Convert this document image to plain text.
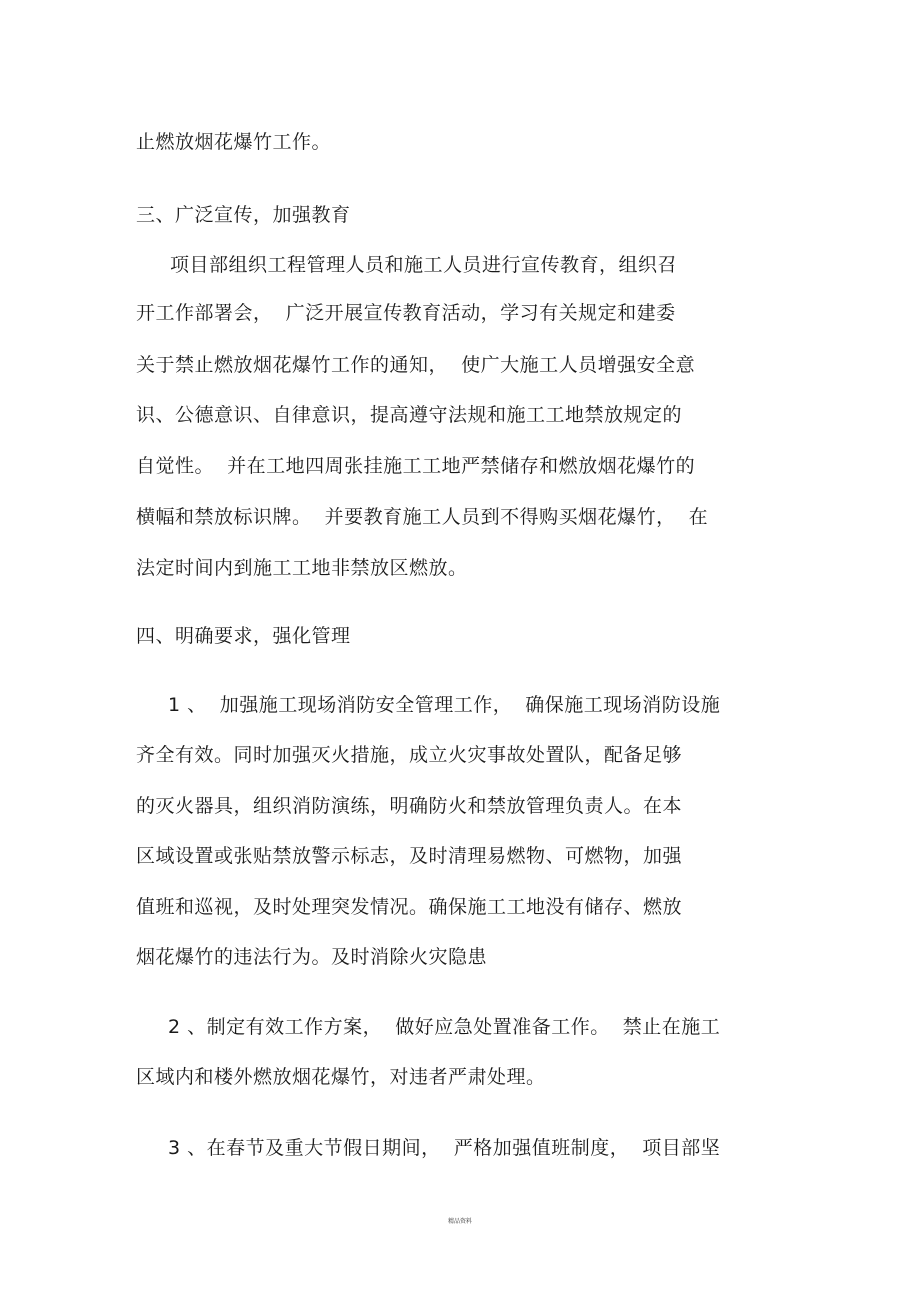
止燃放烟花爆竹工作。
三、广泛宣传，加强教育
项目部组织工程管理人员和施工人员进行宣传教育，组织召
开工作部署会，  广泛开展宣传教育活动，学习有关规定和建委
关于禁止燃放烟花爆竹工作的通知，  使广大施工人员增强安全意
识、公德意识、自律意识，提高遵守法规和施工工地禁放规定的
自觉性。  并在工地四周张挂施工工地严禁储存和燃放烟花爆竹的
横幅和禁放标识牌。  并要教育施工人员到不得购买烟花爆竹，  在
法定时间内到施工工地非禁放区燃放。
四、明确要求，强化管理
1 、  加强施工现场消防安全管理工作，  确保施工现场消防设施
齐全有效。同时加强灭火措施，成立火灾事故处置队，配备足够
的灭火器具，组织消防演练，明确防火和禁放管理负责人。在本
区域设置或张贴禁放警示标志，及时清理易燃物、可燃物，加强
值班和巡视，及时处理突发情况。确保施工工地没有储存、燃放
烟花爆竹的违法行为。及时消除火灾隐患
2 、制定有效工作方案，  做好应急处置准备工作。  禁止在施工
区域内和楼外燃放烟花爆竹，对违者严肃处理。
3 、在春节及重大节假日期间，  严格加强值班制度，  项目部坚
精品资料
